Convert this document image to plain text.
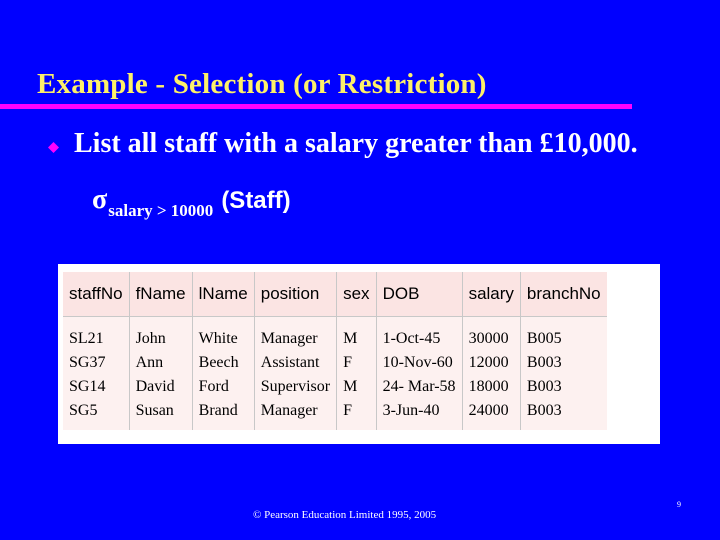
Example - Selection (or Restriction)
List all staff with a salary greater than £10,000.
σsalary > 10000 (Staff)
staffNo	fName	lName	position	sex	DOB	salary	branchNo
SL21	John	White	Manager	M	1-Oct-45	30000	B005
SG37	Ann	Beech	Assistant	F	10-Nov-60	12000	B003
SG14	David	Ford	Supervisor	M	24- Mar-58	18000	B003
SG5	Susan	Brand	Manager	F	3-Jun-40	24000	B003
© Pearson Education Limited 1995, 2005
9
